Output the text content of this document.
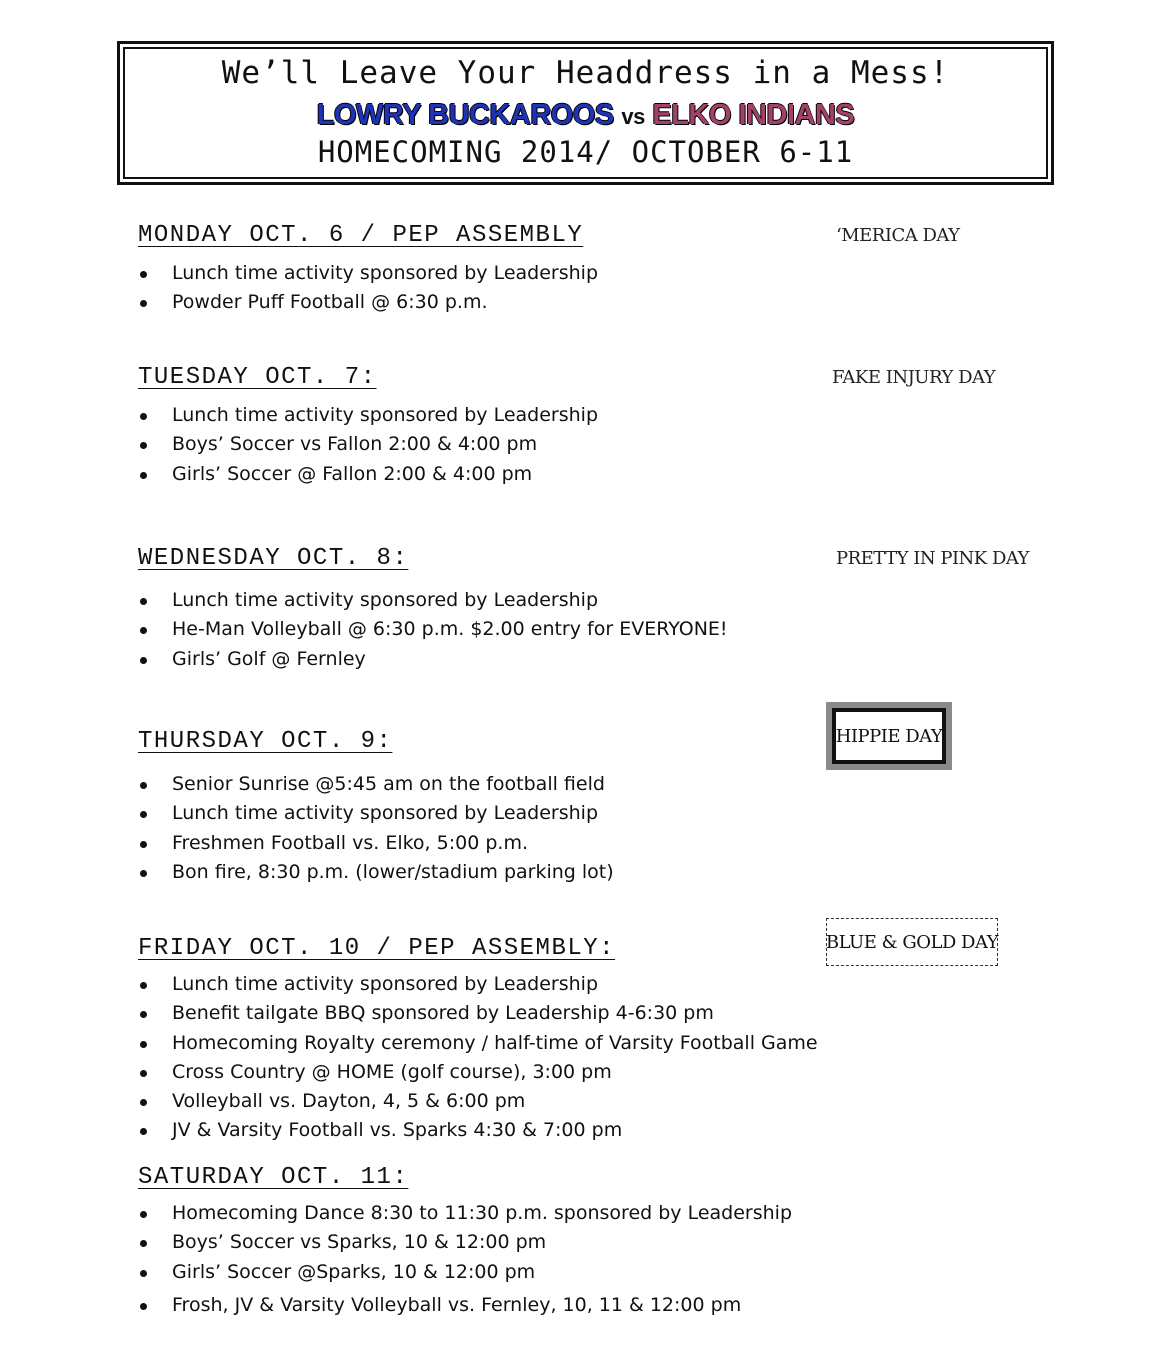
We’ll Leave Your Headdress in a Mess!
LOWRY BUCKAROOS vs ELKO INDIANS
HOMECOMING 2014/ OCTOBER 6-11
MONDAY OCT. 6 / PEP ASSEMBLY	‘MERICA DAY
Lunch time activity sponsored by Leadership
Powder Puff Football @ 6:30 p.m.
TUESDAY OCT. 7:	FAKE INJURY DAY
Lunch time activity sponsored by Leadership
Boys’ Soccer vs Fallon 2:00 & 4:00 pm
Girls’ Soccer @ Fallon 2:00 & 4:00 pm
WEDNESDAY OCT. 8:	PRETTY IN PINK DAY
Lunch time activity sponsored by Leadership
He-Man Volleyball @ 6:30 p.m. $2.00 entry for EVERYONE!
Girls’ Golf @ Fernley
THURSDAY OCT. 9:	HIPPIE DAY
Senior Sunrise @5:45 am on the football field
Lunch time activity sponsored by Leadership
Freshmen Football vs. Elko, 5:00 p.m.
Bon fire, 8:30 p.m. (lower/stadium parking lot)
FRIDAY OCT. 10 / PEP ASSEMBLY:	BLUE & GOLD DAY
Lunch time activity sponsored by Leadership
Benefit tailgate BBQ sponsored by Leadership 4-6:30 pm
Homecoming Royalty ceremony / half-time of Varsity Football Game
Cross Country @ HOME (golf course), 3:00 pm
Volleyball vs. Dayton, 4, 5 & 6:00 pm
JV & Varsity Football vs. Sparks 4:30 & 7:00 pm
SATURDAY OCT. 11:
Homecoming Dance 8:30 to 11:30 p.m. sponsored by Leadership
Boys’ Soccer vs Sparks, 10 & 12:00 pm
Girls’ Soccer @Sparks, 10 & 12:00 pm
Frosh, JV & Varsity Volleyball vs. Fernley, 10, 11 & 12:00 pm
